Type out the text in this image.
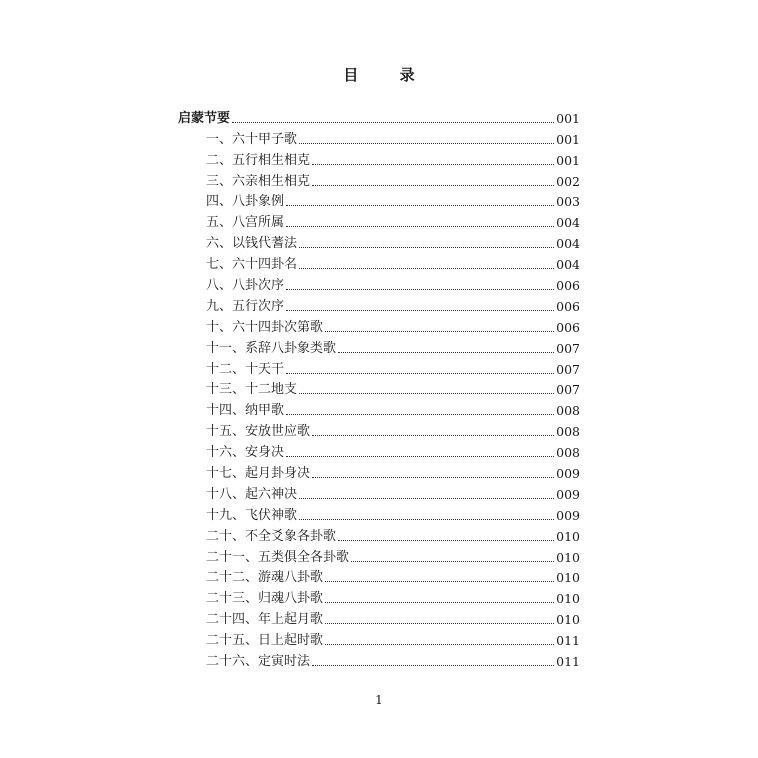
目 录
启蒙节要	001
一、六十甲子歌	001
二、五行相生相克	001
三、六亲相生相克	002
四、八卦象例	003
五、八宫所属	004
六、以钱代蓍法	004
七、六十四卦名	004
八、八卦次序	006
九、五行次序	006
十、六十四卦次第歌	006
十一、系辞八卦象类歌	007
十二、十天干	007
十三、十二地支	007
十四、纳甲歌	008
十五、安放世应歌	008
十六、安身决	008
十七、起月卦身决	009
十八、起六神决	009
十九、飞伏神歌	009
二十、不全爻象各卦歌	010
二十一、五类俱全各卦歌	010
二十二、游魂八卦歌	010
二十三、归魂八卦歌	010
二十四、年上起月歌	010
二十五、日上起时歌	011
二十六、定寅时法	011
1
